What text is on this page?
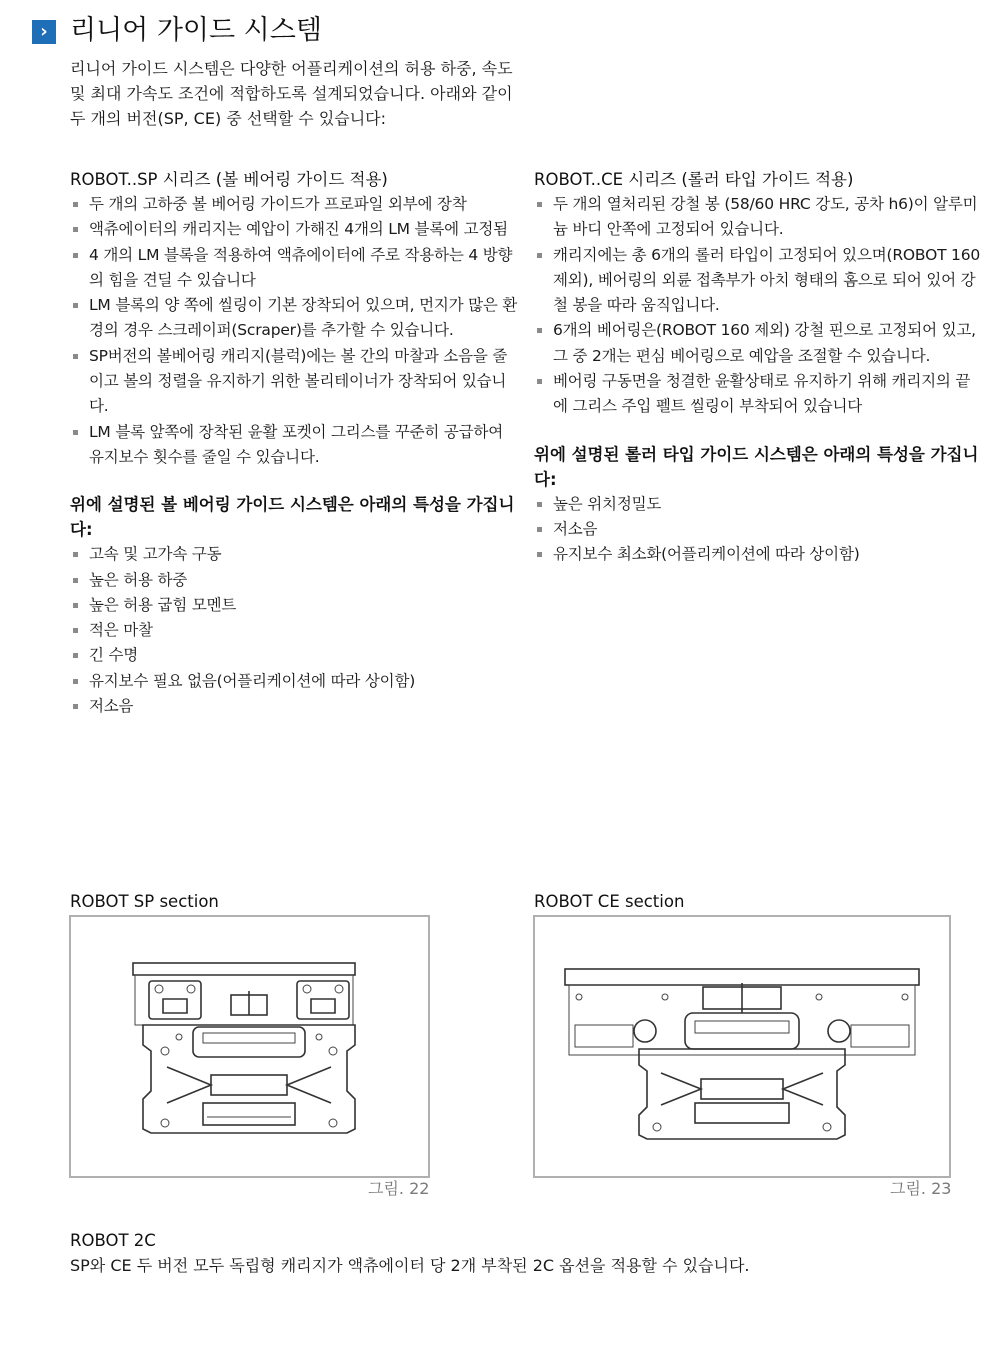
› 리니어 가이드 시스템

리니어 가이드 시스템은 다양한 어플리케이션의 허용 하중, 속도 및 최대 가속도 조건에 적합하도록 설계되었습니다. 아래와 같이 두 개의 버전(SP, CE) 중 선택할 수 있습니다:

ROBOT..SP 시리즈 (볼 베어링 가이드 적용)
두 개의 고하중 볼 베어링 가이드가 프로파일 외부에 장착
액츄에이터의 캐리지는 예압이 가해진 4개의 LM 블록에 고정됨
4 개의 LM 블록을 적용하여 액츄에이터에 주로 작용하는 4 방향의 힘을 견딜 수 있습니다
LM 블록의 양 쪽에 씰링이 기본 장착되어 있으며, 먼지가 많은 환경의 경우 스크레이퍼(Scraper)를 추가할 수 있습니다.
SP버전의 볼베어링 캐리지(블럭)에는 볼 간의 마찰과 소음을 줄이고 볼의 정렬을 유지하기 위한 볼리테이너가 장착되어 있습니다.
LM 블록 앞쪽에 장착된 윤활 포켓이 그리스를 꾸준히 공급하여 유지보수 횟수를 줄일 수 있습니다.
위에 설명된 볼 베어링 가이드 시스템은 아래의 특성을 가집니다:
고속 및 고가속 구동
높은 허용 하중
높은 허용 굽힘 모멘트
적은 마찰
긴 수명
유지보수 필요 없음(어플리케이션에 따라 상이함)
저소음
ROBOT..CE 시리즈 (롤러 타입 가이드 적용)
두 개의 열처리된 강철 봉 (58/60 HRC 강도, 공차 h6)이 알루미늄 바디 안쪽에 고정되어 있습니다.
캐리지에는 총 6개의 롤러 타입이 고정되어 있으며(ROBOT 160 제외), 베어링의 외륜 접촉부가 아치 형태의 홈으로 되어 있어 강철 봉을 따라 움직입니다.
6개의 베어링은(ROBOT 160 제외) 강철 핀으로 고정되어 있고, 그 중 2개는 편심 베어링으로 예압을 조절할 수 있습니다.
베어링 구동면을 청결한 윤활상태로 유지하기 위해 캐리지의 끝에 그리스 주입 펠트 씰링이 부착되어 있습니다
위에 설명된 롤러 타입 가이드 시스템은 아래의 특성을 가집니다:
높은 위치정밀도
저소음
유지보수 최소화(어플리케이션에 따라 상이함)
ROBOT SP section
그림. 22
ROBOT CE section
그림. 23
ROBOT 2C
SP와 CE 두 버전 모두 독립형 캐리지가 액츄에이터 당 2개 부착된 2C 옵션을 적용할 수 있습니다.
